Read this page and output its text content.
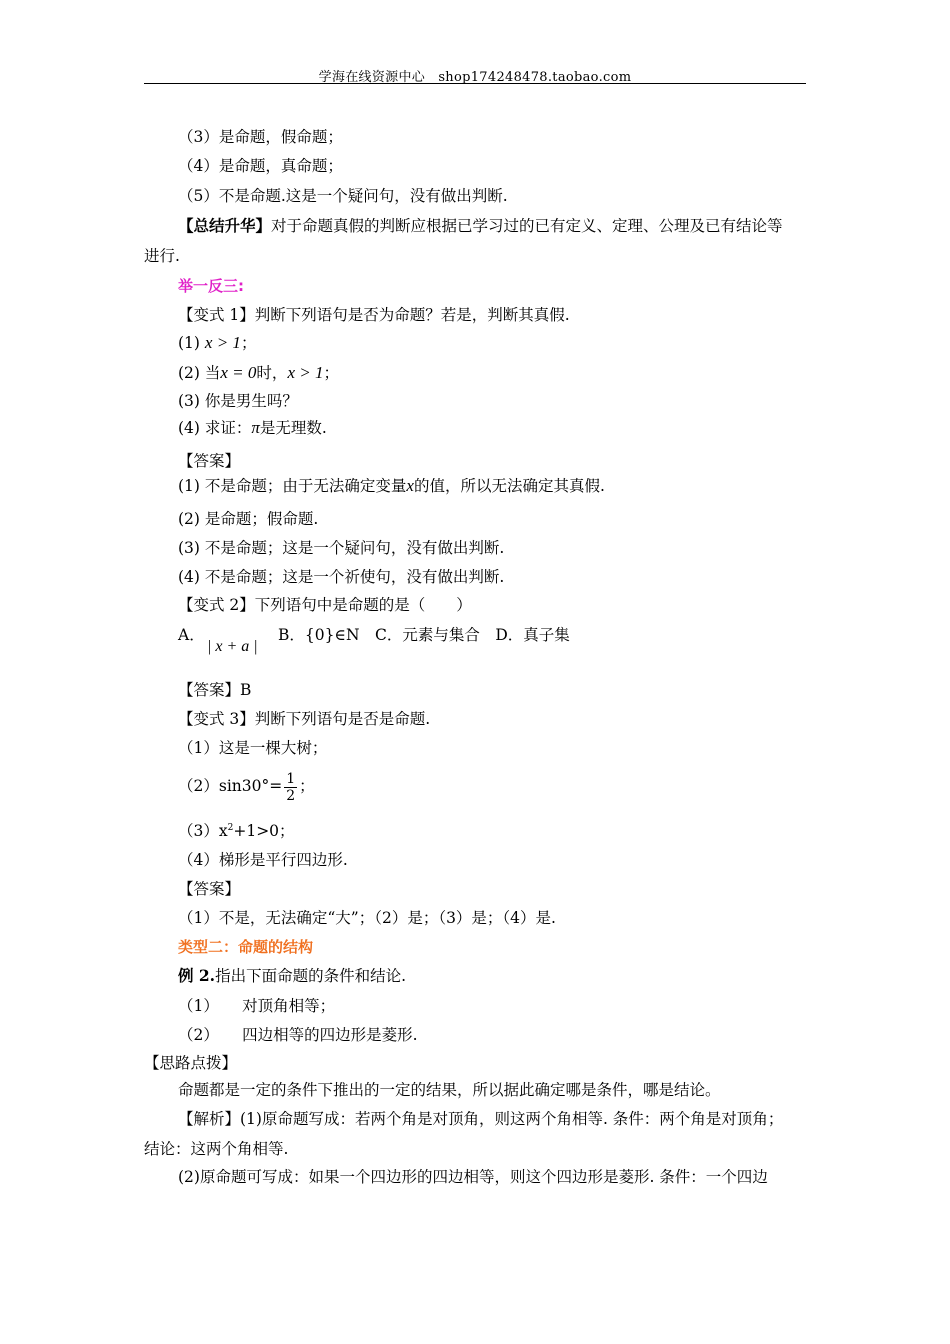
学海在线资源中心　shop174248478.taobao.com
（3）是命题，假命题；
（4）是命题，真命题；
（5）不是命题.这是一个疑问句，没有做出判断.
【总结升华】对于命题真假的判断应根据已学习过的已有定义、定理、公理及已有结论等
进行.
举一反三:
【变式 1】判断下列语句是否为命题？若是，判断其真假.
(1) x > 1；
(2) 当x = 0时，x > 1；
(3) 你是男生吗？
(4) 求证：π是无理数.
【答案】
(1) 不是命题；由于无法确定变量x的值，所以无法确定其真假.
(2) 是命题；假命题.
(3) 不是命题；这是一个疑问句，没有做出判断.
(4) 不是命题；这是一个祈使句，没有做出判断.
【变式 2】下列语句中是命题的是（　　）
A．
| x + a |
B．{0}∈N　C．元素与集合　D．真子集
【答案】B
【变式 3】判断下列语句是否是命题.
（1）这是一棵大树；
$(2)\sin 30^\circ= \frac{1}{2}$ ；
$(3)x^2+1>0$；
（4）梯形是平行四边形.
【答案】
（1）不是，无法确定“大”；（2）是；（3）是；（4）是.
类型二：命题的结构
例 2.指出下面命题的条件和结论.
（1）　　对顶角相等；
（2）　　四边相等的四边形是菱形.
【思路点拨】
命题都是一定的条件下推出的一定的结果，所以据此确定哪是条件，哪是结论。
【解析】(1)原命题写成：若两个角是对顶角，则这两个角相等. 条件：两个角是对顶角；
结论：这两个角相等.
(2)原命题可写成：如果一个四边形的四边相等，则这个四边形是菱形. 条件：一个四边
